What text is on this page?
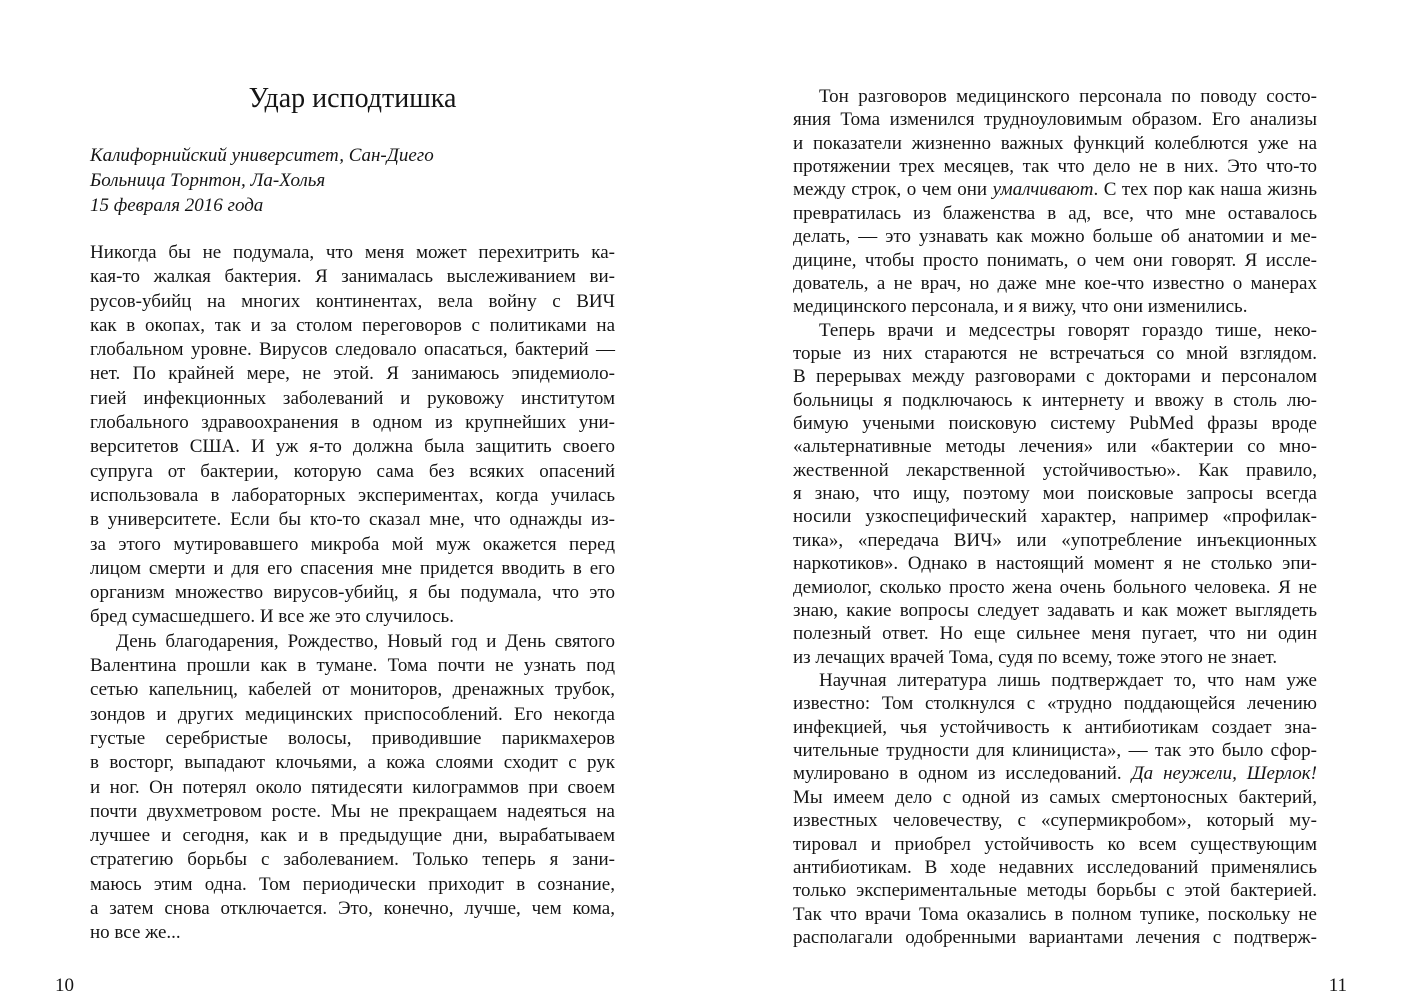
Удар исподтишка
Калифорнийский университет, Сан-Диего
Больница Торнтон, Ла-Холья
15 февраля 2016 года
Никогда бы не подумала, что меня может перехитрить ка-
кая-то жалкая бактерия. Я занималась выслеживанием ви-
русов-убийц на многих континентах, вела войну с ВИЧ
как в окопах, так и за столом переговоров с политиками на
глобальном уровне. Вирусов следовало опасаться, бактерий —
нет. По крайней мере, не этой. Я занимаюсь эпидемиоло-
гией инфекционных заболеваний и руковожу институтом
глобального здравоохранения в одном из крупнейших уни-
верситетов США. И уж я-то должна была защитить своего
супруга от бактерии, которую сама без всяких опасений
использовала в лабораторных экспериментах, когда училась
в университете. Если бы кто-то сказал мне, что однажды из-
за этого мутировавшего микроба мой муж окажется перед
лицом смерти и для его спасения мне придется вводить в его
организм множество вирусов-убийц, я бы подумала, что это
бред сумасшедшего. И все же это случилось.
День благодарения, Рождество, Новый год и День святого
Валентина прошли как в тумане. Тома почти не узнать под
сетью капельниц, кабелей от мониторов, дренажных трубок,
зондов и других медицинских приспособлений. Его некогда
густые серебристые волосы, приводившие парикмахеров
в восторг, выпадают клочьями, а кожа слоями сходит с рук
и ног. Он потерял около пятидесяти килограммов при своем
почти двухметровом росте. Мы не прекращаем надеяться на
лучшее и сегодня, как и в предыдущие дни, вырабатываем
стратегию борьбы с заболеванием. Только теперь я зани-
маюсь этим одна. Том периодически приходит в сознание,
а затем снова отключается. Это, конечно, лучше, чем кома,
но все же...
10
Тон разговоров медицинского персонала по поводу состо-
яния Тома изменился трудноуловимым образом. Его анализы
и показатели жизненно важных функций колеблются уже на
протяжении трех месяцев, так что дело не в них. Это что-то
между строк, о чем они умалчивают. С тех пор как наша жизнь
превратилась из блаженства в ад, все, что мне оставалось
делать, — это узнавать как можно больше об анатомии и ме-
дицине, чтобы просто понимать, о чем они говорят. Я иссле-
дователь, а не врач, но даже мне кое-что известно о манерах
медицинского персонала, и я вижу, что они изменились.
Теперь врачи и медсестры говорят гораздо тише, неко-
торые из них стараются не встречаться со мной взглядом.
В перерывах между разговорами с докторами и персоналом
больницы я подключаюсь к интернету и ввожу в столь лю-
бимую учеными поисковую систему PubMed фразы вроде
«альтернативные методы лечения» или «бактерии со мно-
жественной лекарственной устойчивостью». Как правило,
я знаю, что ищу, поэтому мои поисковые запросы всегда
носили узкоспецифический характер, например «профилак-
тика», «передача ВИЧ» или «употребление инъекционных
наркотиков». Однако в настоящий момент я не столько эпи-
демиолог, сколько просто жена очень больного человека. Я не
знаю, какие вопросы следует задавать и как может выглядеть
полезный ответ. Но еще сильнее меня пугает, что ни один
из лечащих врачей Тома, судя по всему, тоже этого не знает.
Научная литература лишь подтверждает то, что нам уже
известно: Том столкнулся с «трудно поддающейся лечению
инфекцией, чья устойчивость к антибиотикам создает зна-
чительные трудности для клинициста», — так это было сфор-
мулировано в одном из исследований. Да неужели, Шерлок!
Мы имеем дело с одной из самых смертоносных бактерий,
известных человечеству, с «супермикробом», который му-
тировал и приобрел устойчивость ко всем существующим
антибиотикам. В ходе недавних исследований применялись
только экспериментальные методы борьбы с этой бактерией.
Так что врачи Тома оказались в полном тупике, поскольку не
располагали одобренными вариантами лечения с подтверж-
11
